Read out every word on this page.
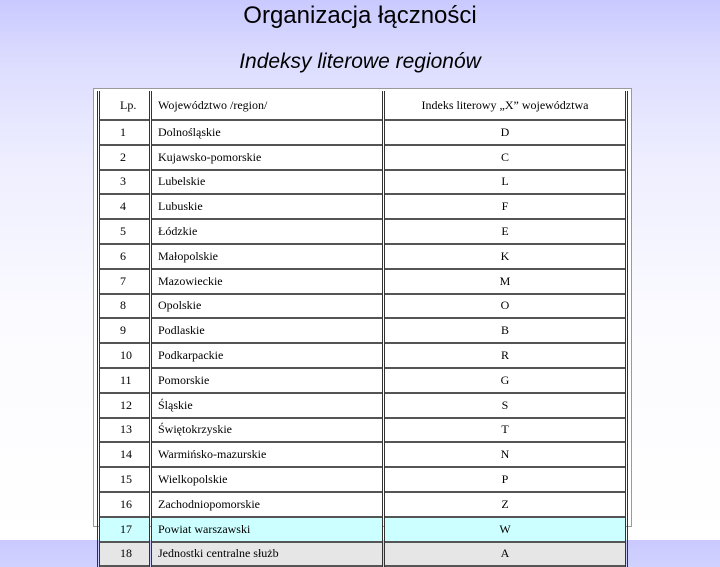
Organizacja łączności
Indeksy literowe regionów
Lp.	Województwo /region/	Indeks literowy „X” województwa
1	Dolnośląskie	D
2	Kujawsko-pomorskie	C
3	Lubelskie	L
4	Lubuskie	F
5	Łódzkie	E
6	Małopolskie	K
7	Mazowieckie	M
8	Opolskie	O
9	Podlaskie	B
10	Podkarpackie	R
11	Pomorskie	G
12	Śląskie	S
13	Świętokrzyskie	T
14	Warmińsko-mazurskie	N
15	Wielkopolskie	P
16	Zachodniopomorskie	Z
17	Powiat warszawski	W
18	Jednostki centralne służb	A
